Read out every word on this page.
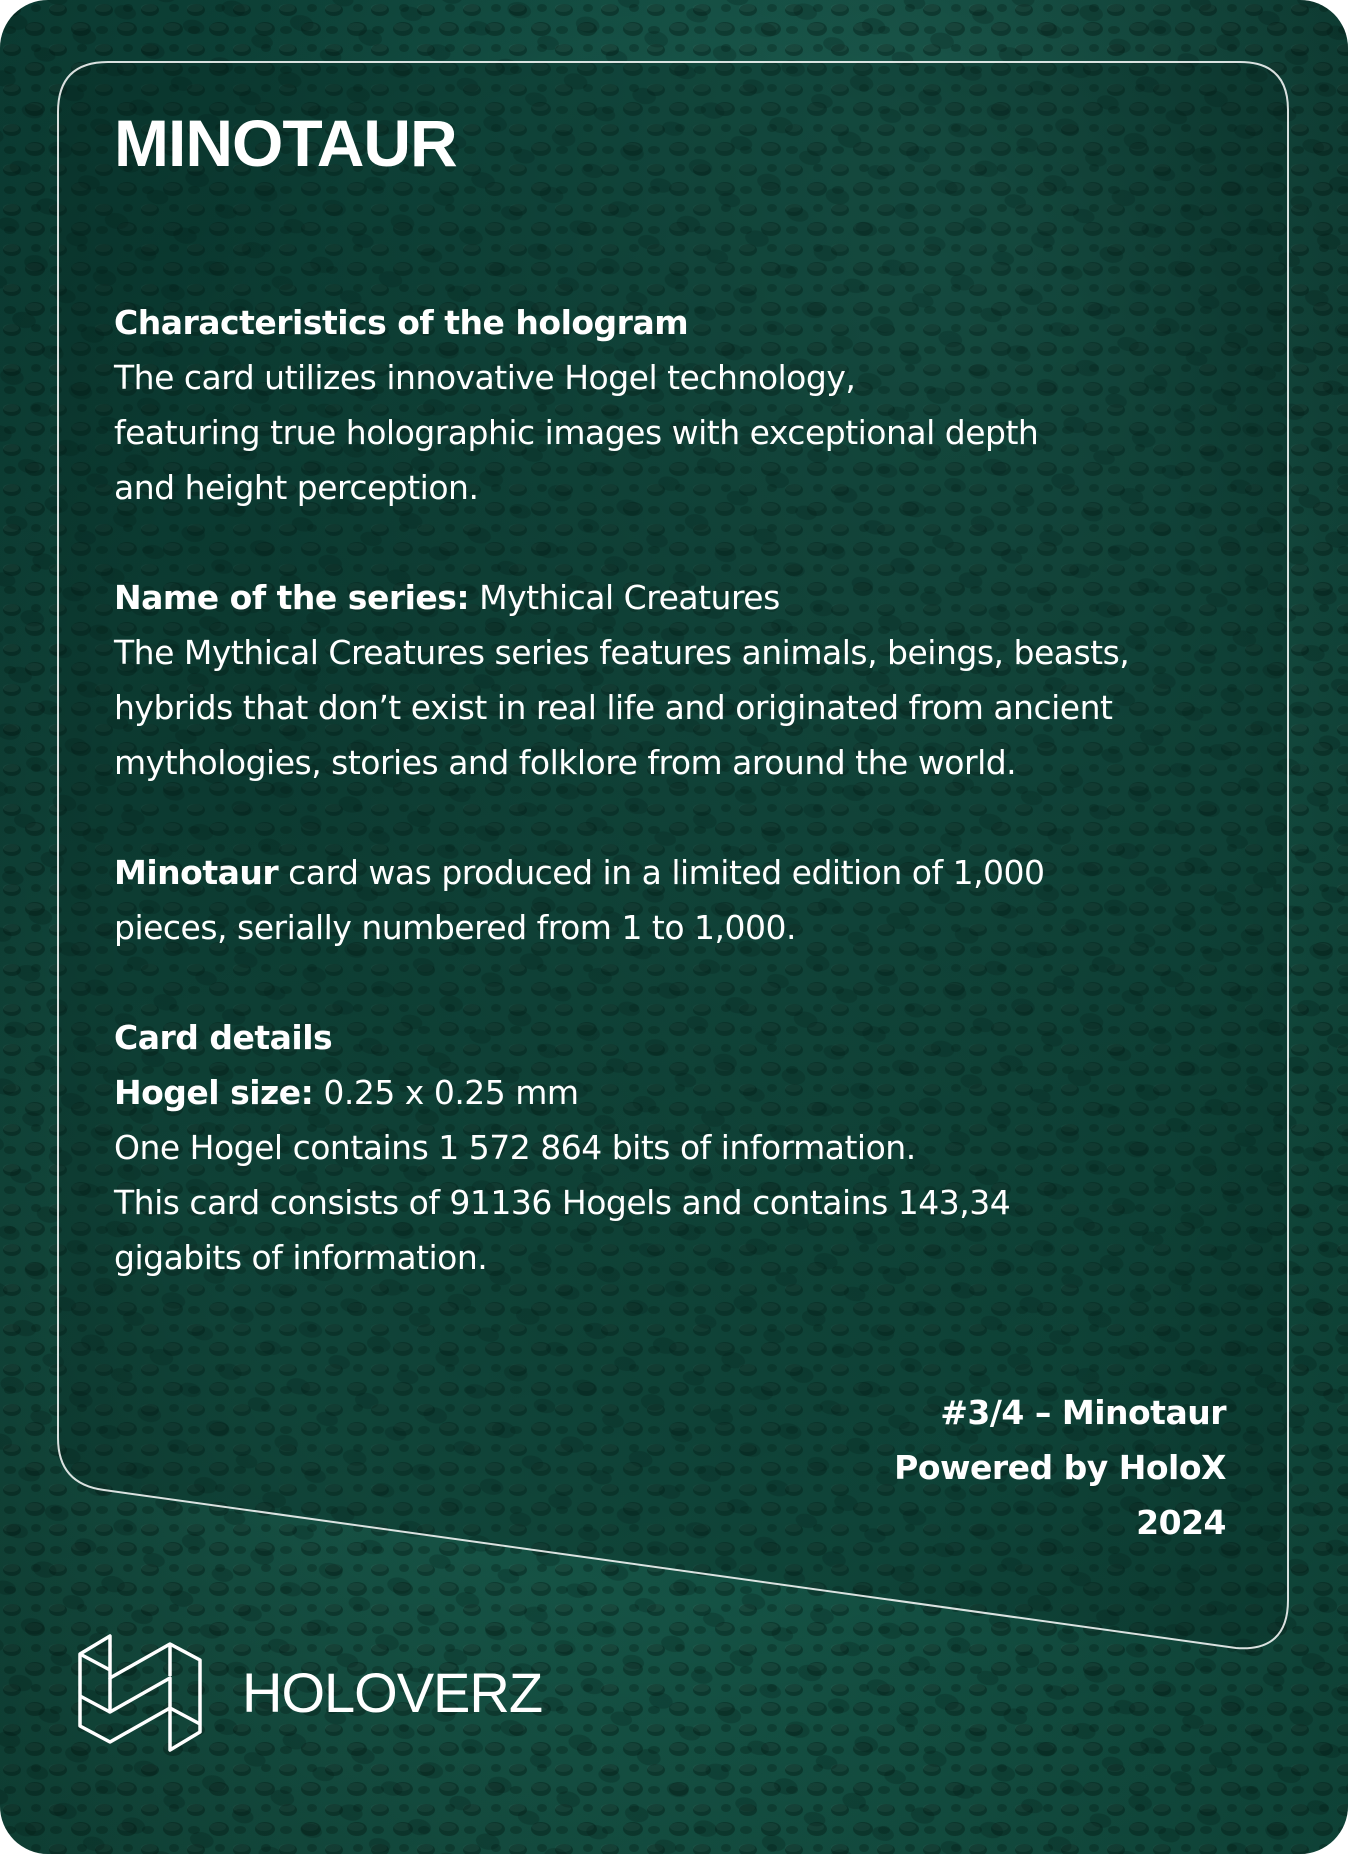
MINOTAUR

Characteristics of the hologram

The card utilizes innovative Hogel technology,

featuring true holographic images with exceptional depth

and height perception.

Name of the series: Mythical Creatures

The Mythical Creatures series features animals, beings, beasts,

hybrids that don’t exist in real life and originated from ancient

mythologies, stories and folklore from around the world.

Minotaur card was produced in a limited edition of 1,000

pieces, serially numbered from 1 to 1,000.

Card details

Hogel size: 0.25 x 0.25 mm

One Hogel contains 1 572 864 bits of information.

This card consists of 91136 Hogels and contains 143,34

gigabits of information.

#3/4 – Minotaur
Powered by HoloX
2024
HOLOVERZ
